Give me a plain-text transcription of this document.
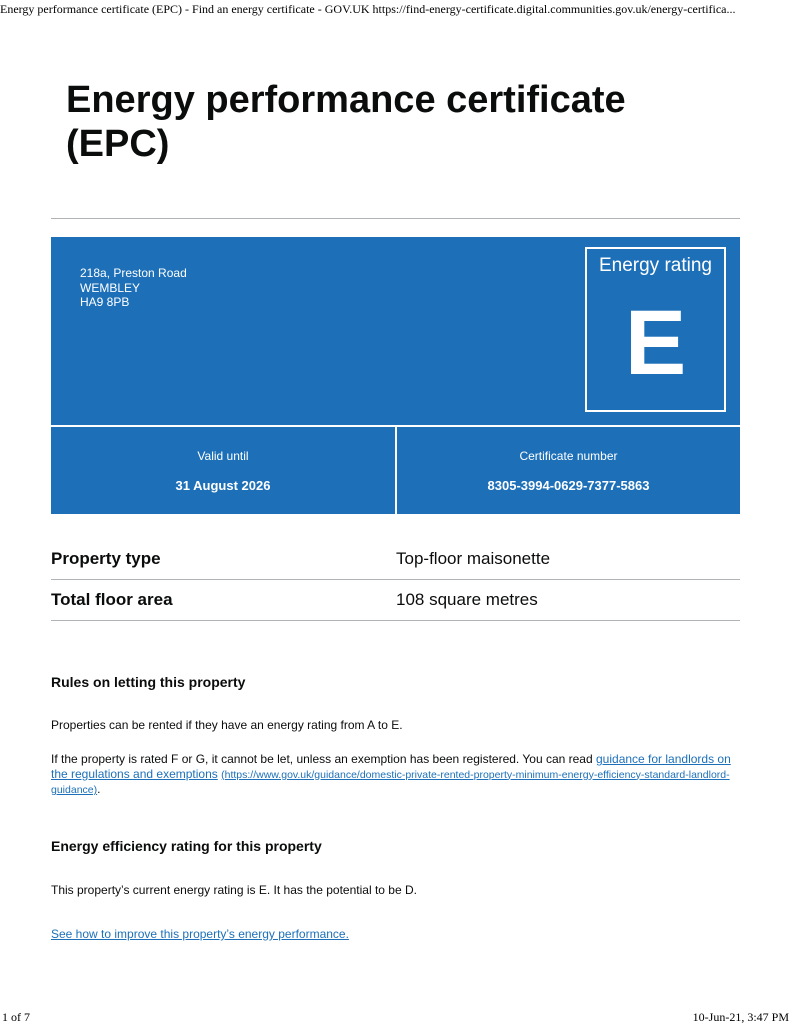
Energy performance certificate (EPC) - Find an energy certificate - GOV.UK https://find-energy-certificate.digital.communities.gov.uk/energy-certifica...
Energy performance certificate (EPC)
218a, Preston Road
WEMBLEY
HA9 8PB
Energy rating
E
Valid until
31 August 2026
Certificate number
8305-3994-0629-7377-5863
Property type	Top-floor maisonette
Total floor area	108 square metres
Rules on letting this property

Properties can be rented if they have an energy rating from A to E.

If the property is rated F or G, it cannot be let, unless an exemption has been registered. You can read guidance for landlords on the regulations and exemptions (https://www.gov.uk/guidance/domestic-private-rented-property-minimum-energy-efficiency-standard-landlord-guidance).

Energy efficiency rating for this property

This property’s current energy rating is E. It has the potential to be D.

See how to improve this property’s energy performance.

1 of 7	10-Jun-21, 3:47 PM
